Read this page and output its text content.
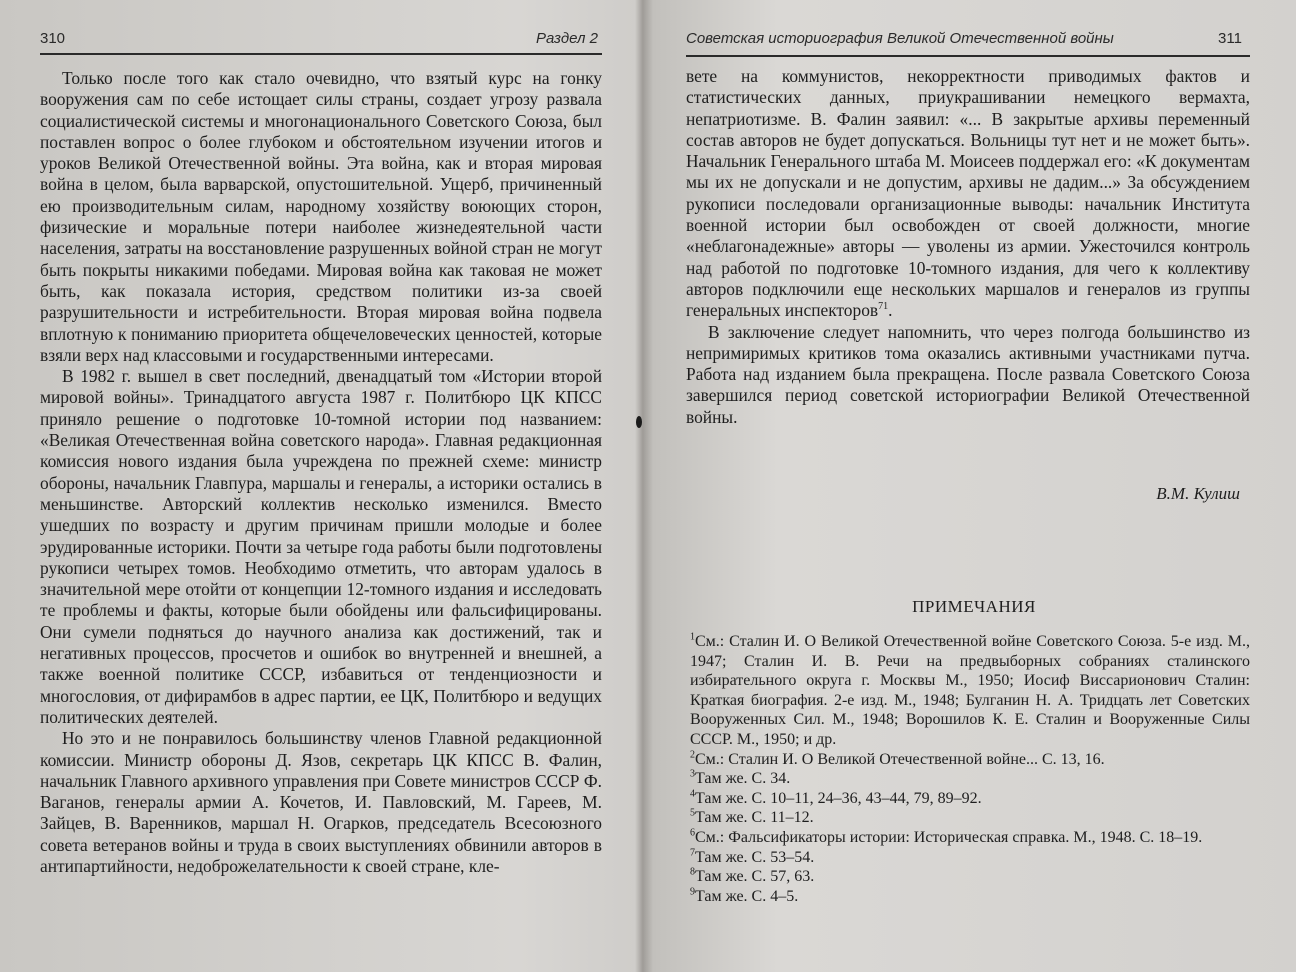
310	Раздел 2

Только после того как стало очевидно, что взятый курс на гонку вооружения сам по себе истощает силы страны, создает угрозу развала социалистической системы и многонационального Советского Союза, был поставлен вопрос о более глубоком и обстоятельном изучении итогов и уроков Великой Отечественной войны. Эта война, как и вторая мировая война в целом, была варварской, опустошительной. Ущерб, причиненный ею производительным силам, народному хозяйству воюющих сторон, физические и моральные потери наиболее жизнедеятельной части населения, затраты на восстановление разрушенных войной стран не могут быть покрыты никакими победами. Мировая война как таковая не может быть, как показала история, средством политики из-за своей разрушительности и истребительности. Вторая мировая война подвела вплотную к пониманию приоритета общечеловеческих ценностей, которые взяли верх над классовыми и государственными интересами.

В 1982 г. вышел в свет последний, двенадцатый том «Истории второй мировой войны». Тринадцатого августа 1987 г. Политбюро ЦК КПСС приняло решение о подготовке 10-томной истории под названием: «Великая Отечественная война советского народа». Главная редакционная комиссия нового издания была учреждена по прежней схеме: министр обороны, начальник Главпура, маршалы и генералы, а историки остались в меньшинстве. Авторский коллектив несколько изменился. Вместо ушедших по возрасту и другим причинам пришли молодые и более эрудированные историки. Почти за четыре года работы были подготовлены рукописи четырех томов. Необходимо отметить, что авторам удалось в значительной мере отойти от концепции 12-томного издания и исследовать те проблемы и факты, которые были обойдены или фальсифицированы. Они сумели подняться до научного анализа как достижений, так и негативных процессов, просчетов и ошибок во внутренней и внешней, а также военной политике СССР, избавиться от тенденциозности и многословия, от дифирамбов в адрес партии, ее ЦК, Политбюро и ведущих политических деятелей.

Но это и не понравилось большинству членов Главной редакционной комиссии. Министр обороны Д. Язов, секретарь ЦК КПСС В. Фалин, начальник Главного архивного управления при Совете министров СССР Ф. Ваганов, генералы армии А. Кочетов, И. Павловский, М. Гареев, М. Зайцев, В. Варенников, маршал Н. Огарков, председатель Всесоюзного совета ветеранов войны и труда в своих выступлениях обвинили авторов в антипартийности, недоброжелательности к своей стране, кле-

Советская историография Великой Отечественной войны	311

вете на коммунистов, некорректности приводимых фактов и статистических данных, приукрашивании немецкого вермахта, непатриотизме. В. Фалин заявил: «... В закрытые архивы переменный состав авторов не будет допускаться. Вольницы тут нет и не может быть». Начальник Генерального штаба М. Моисеев поддержал его: «К документам мы их не допускали и не допустим, архивы не дадим...» За обсуждением рукописи последовали организационные выводы: начальник Института военной истории был освобожден от своей должности, многие «неблагонадежные» авторы — уволены из армии. Ужесточился контроль над работой по подготовке 10-томного издания, для чего к коллективу авторов подключили еще нескольких маршалов и генералов из группы генеральных инспекторов$^{71}$.

В заключение следует напомнить, что через полгода большинство из непримиримых критиков тома оказались активными участниками путча. Работа над изданием была прекращена. После развала Советского Союза завершился период советской историографии Великой Отечественной войны.

В.М. Кулиш
ПРИМЕЧАНИЯ

$^1$См.: Сталин И. О Великой Отечественной войне Советского Союза. 5-е изд. М., 1947; Сталин И. В. Речи на предвыборных собраниях сталинского избирательного округа г. Москвы М., 1950; Иосиф Виссарионович Сталин: Краткая биография. 2-е изд. М., 1948; Булганин Н. А. Тридцать лет Советских Вооруженных Сил. М., 1948; Ворошилов К. Е. Сталин и Вооруженные Силы СССР. М., 1950; и др.

$^2$См.: Сталин И. О Великой Отечественной войне... С. 13, 16.

$^3$Там же. С. 34.

$^4$Там же. С. 10–11, 24–36, 43–44, 79, 89–92.

$^5$Там же. С. 11–12.

$^6$См.: Фальсификаторы истории: Историческая справка. М., 1948. С. 18–19.

$^7$Там же. С. 53–54.

$^8$Там же. С. 57, 63.

$^9$Там же. С. 4–5.
